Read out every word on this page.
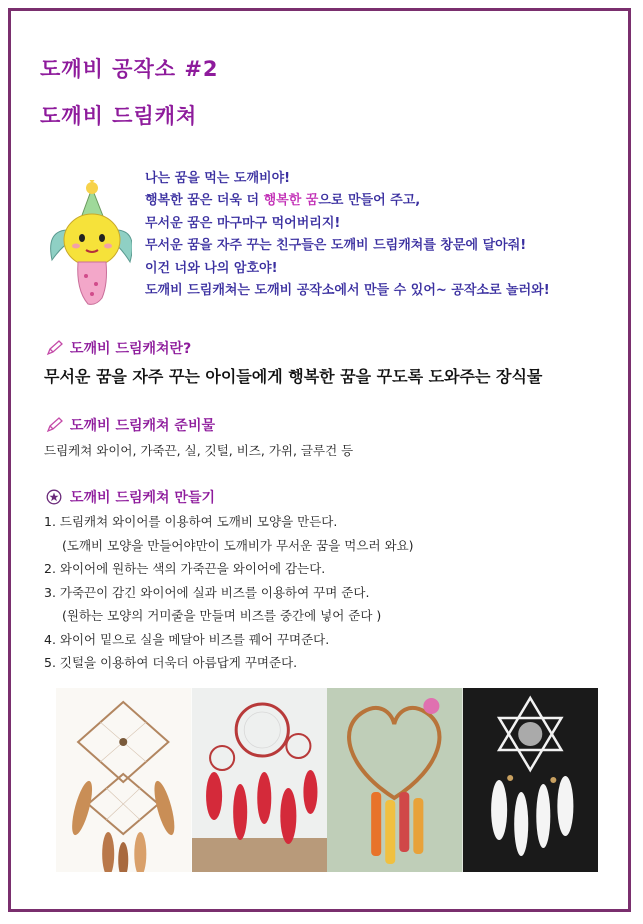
도깨비 공작소 #2
도깨비 드림캐쳐
나는 꿈을 먹는 도깨비야!
행복한 꿈은 더욱 더 행복한 꿈으로 만들어 주고,
무서운 꿈은 마구마구 먹어버리지!
무서운 꿈을 자주 꾸는 친구들은 도깨비 드림캐쳐를 창문에 달아줘!
이건 너와 나의 암호야!
도깨비 드림캐쳐는 도깨비 공작소에서 만들 수 있어~ 공작소로 놀러와!
도깨비 드림캐쳐란?

무서운 꿈을 자주 꾸는 아이들에게 행복한 꿈을 꾸도록 도와주는 장식물

도깨비 드림캐쳐 준비물

드림케쳐 와이어, 가죽끈, 실, 깃털, 비즈, 가위, 글루건 등

도깨비 드림케쳐 만들기
1. 드림캐쳐 와이어를 이용하여 도깨비 모양을 만든다.
(도깨비 모양을 만들어야만이 도깨비가 무서운 꿈을 먹으러 와요)
2. 와이어에 원하는 색의 가죽끈을 와이어에 감는다.
3. 가죽끈이 감긴 와이어에 실과 비즈를 이용하여 꾸며 준다.
(원하는 모양의 거미줄을 만들며 비즈를 중간에 넣어 준다 )
4. 와이어 밑으로 실을 메달아 비즈를 꿰어 꾸며준다.
5. 깃털을 이용하여 더욱더 아름답게 꾸며준다.
